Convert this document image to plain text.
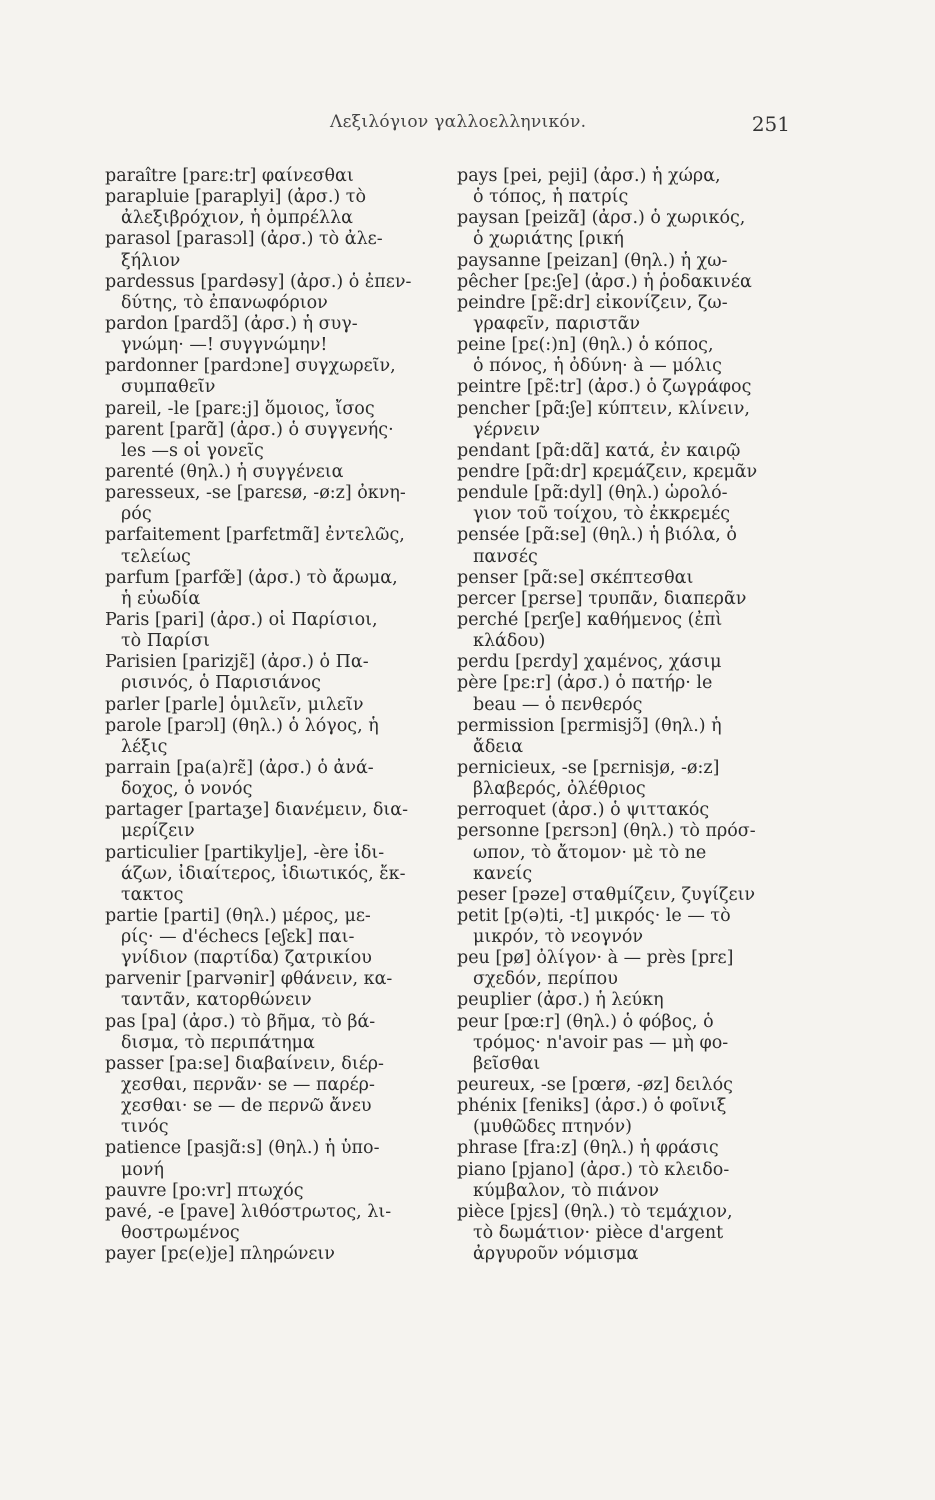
Λεξιλόγιον γαλλοελληνικόν.	251
paraître [parɛ:tr] φαίνεσθαι
parapluie [paraplyi] (ἀρσ.) τὸ
ἀλεξιβρόχιον, ἡ ὀμπρέλλα
parasol [parasɔl] (ἀρσ.) τὸ ἀλε-
ξήλιον
pardessus [pardəsy] (ἀρσ.) ὁ ἐπεν-
δύτης, τὸ ἐπανωφόριον
pardon [pardɔ̃] (ἀρσ.) ἡ συγ-
γνώμη· —! συγγνώμην!
pardonner [pardɔne] συγχωρεῖν,
συμπαθεῖν
pareil, -le [parɛ:j] ὅμοιος, ἴσος
parent [parɑ̃] (ἀρσ.) ὁ συγγενής·
les —s οἱ γονεῖς
parenté (θηλ.) ἡ συγγένεια
paresseux, -se [parɛsø, -ø:z] ὀκνη-
ρός
parfaitement [parfɛtmɑ̃] ἐντελῶς,
τελείως
parfum [parfœ̃] (ἀρσ.) τὸ ἄρωμα,
ἡ εὐωδία
Paris [pari] (ἀρσ.) οἱ Παρίσιοι,
τὸ Παρίσι
Parisien [parizjɛ̃] (ἀρσ.) ὁ Πα-
ρισινός, ὁ Παρισιάνος
parler [parle] ὁμιλεῖν, μιλεῖν
parole [parɔl] (θηλ.) ὁ λόγος, ἡ
λέξις
parrain [pa(a)rɛ̃] (ἀρσ.) ὁ ἀνά-
δοχος, ὁ νονός
partager [partaʒe] διανέμειν, δια-
μερίζειν
particulier [partikylje], -ère ἰδι-
άζων, ἰδιαίτερος, ἰδιωτικός, ἔκ-
τακτος
partie [parti] (θηλ.) μέρος, με-
ρίς· — d'échecs [eʃɛk] παι-
γνίδιον (παρτίδα) ζατρικίου
parvenir [parvənir] φθάνειν, κα-
ταντᾶν, κατορθώνειν
pas [pa] (ἀρσ.) τὸ βῆμα, τὸ βά-
δισμα, τὸ περιπάτημα
passer [pa:se] διαβαίνειν, διέρ-
χεσθαι, περνᾶν· se — παρέρ-
χεσθαι· se — de περνῶ ἄνευ
τινός
patience [pasjɑ̃:s] (θηλ.) ἡ ὑπο-
μονή
pauvre [po:vr] πτωχός
pavé, -e [pave] λιθόστρωτος, λι-
θοστρωμένος
payer [pɛ(e)je] πληρώνειν
pays [pei, peji] (ἀρσ.) ἡ χώρα,
ὁ τόπος, ἡ πατρίς
paysan [peizɑ̃] (ἀρσ.) ὁ χωρικός,
ὁ χωριάτης [ρική
paysanne [peizan] (θηλ.) ἡ χω-
pêcher [pɛ:ʃe] (ἀρσ.) ἡ ῥοδακινέα
peindre [pɛ̃:dr] εἰκονίζειν, ζω-
γραφεῖν, παριστᾶν
peine [pɛ(:)n] (θηλ.) ὁ κόπος,
ὁ πόνος, ἡ ὀδύνη· à — μόλις
peintre [pɛ̃:tr] (ἀρσ.) ὁ ζωγράφος
pencher [pɑ̃:ʃe] κύπτειν, κλίνειν,
γέρνειν
pendant [pɑ̃:dɑ̃] κατά, ἐν καιρῷ
pendre [pɑ̃:dr] κρεμάζειν, κρεμᾶν
pendule [pɑ̃:dyl] (θηλ.) ὡρολό-
γιον τοῦ τοίχου, τὸ ἐκκρεμές
pensée [pɑ̃:se] (θηλ.) ἡ βιόλα, ὁ
πανσές
penser [pɑ̃:se] σκέπτεσθαι
percer [pɛrse] τρυπᾶν, διαπερᾶν
perché [pɛrʃe] καθήμενος (ἐπὶ
κλάδου)
perdu [pɛrdy] χαμένος, χάσιμ
père [pɛ:r] (ἀρσ.) ὁ πατήρ· le
beau — ὁ πενθερός
permission [pɛrmisjɔ̃] (θηλ.) ἡ
ἄδεια
pernicieux, -se [pɛrnisjø, -ø:z]
βλαβερός, ὀλέθριος
perroquet (ἀρσ.) ὁ ψιττακός
personne [pɛrsɔn] (θηλ.) τὸ πρόσ-
ωπον, τὸ ἄτομον· μὲ τὸ ne
κανείς
peser [pəze] σταθμίζειν, ζυγίζειν
petit [p(ə)ti, -t] μικρός· le — τὸ
μικρόν, τὸ νεογνόν
peu [pø] ὀλίγον· à — près [prɛ]
σχεδόν, περίπου
peuplier (ἀρσ.) ἡ λεύκη
peur [pœ:r] (θηλ.) ὁ φόβος, ὁ
τρόμος· n'avoir pas — μὴ φο-
βεῖσθαι
peureux, -se [pœrø, -øz] δειλός
phénix [feniks] (ἀρσ.) ὁ φοῖνιξ
(μυθῶδες πτηνόν)
phrase [fra:z] (θηλ.) ἡ φράσις
piano [pjano] (ἀρσ.) τὸ κλειδο-
κύμβαλον, τὸ πιάνον
pièce [pjɛs] (θηλ.) τὸ τεμάχιον,
τὸ δωμάτιον· pièce d'argent
ἀργυροῦν νόμισμα
